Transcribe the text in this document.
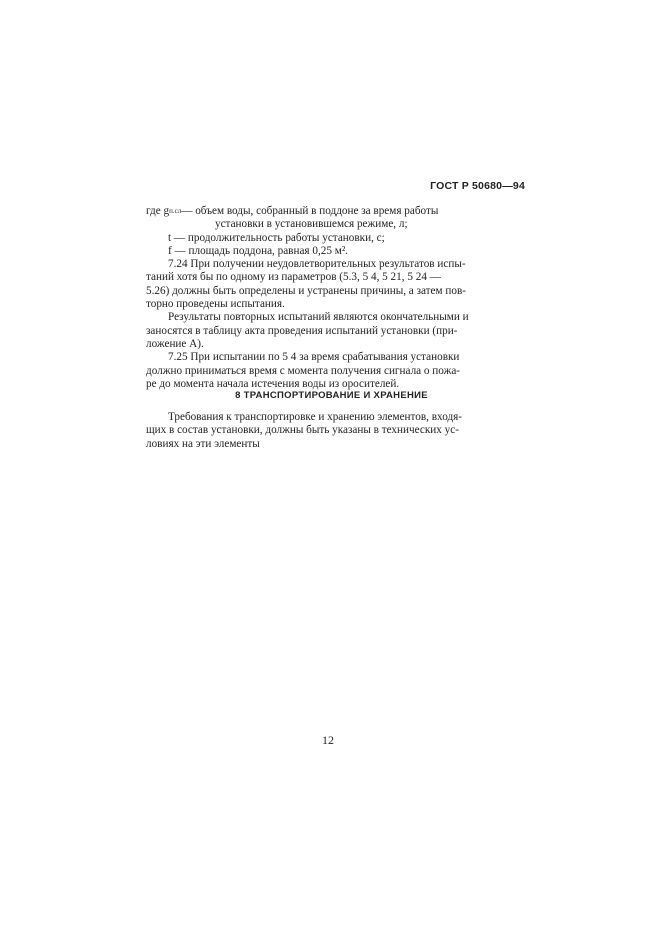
ГОСТ Р 50680—94
где g п.сл — объем воды, собранный в поддоне за время работы
установки в установившемся режиме, л;
t — продолжительность работы установки, с;
f — площадь поддона, равная 0,25 м².
7.24
При получении неудовлетворительных результатов испы-
таний хотя бы по одному из параметров (5.3, 5 4, 5 21, 5 24 —
5.26) должны быть определены и устранены причины, а затем пов-
торно проведены испытания.
Результаты повторных испытаний являются окончательными и
заносятся в таблицу акта проведения испытаний установки (при-
ложение А).
7.25
При испытании по 5 4 за время срабатывания установки
должно приниматься время с момента получения сигнала о пожа-
ре до момента начала истечения воды из оросителей.
8 ТРАНСПОРТИРОВАНИЕ И ХРАНЕНИЕ
Требования к транспортировке и хранению элементов, входя-
щих в состав установки, должны быть указаны в технических ус-
ловиях на эти элементы
12
